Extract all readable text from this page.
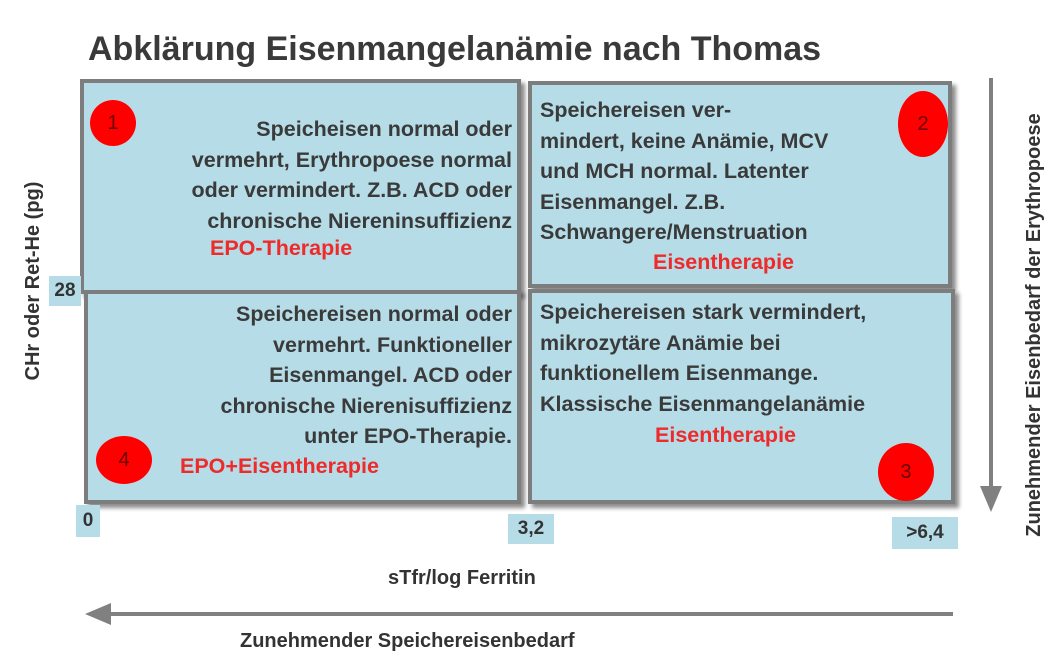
Abklärung Eisenmangelanämie nach Thomas
1	Speicheisen normal oder
vermehrt, Erythropoese normal
oder vermindert. Z.B. ACD oder
chronische Niereninsuffizienz
EPO-Therapie
2
Speichereisen ver-
mindert, keine Anämie, MCV
und MCH normal. Latenter
Eisenmangel. Z.B.
Schwangere/Menstruation
Eisentherapie
4
Speichereisen normal oder
vermehrt. Funktioneller
Eisenmangel. ACD oder
chronische Nierenisuffizienz
unter EPO-Therapie.
EPO+Eisentherapie	3
Speichereisen stark vermindert,
mikrozytäre Anämie bei
funktionellem Eisenmange.
Klassische Eisenmangelanämie
Eisentherapie
28
0	3,2	>6,4
CHr oder Ret-He (pg)
sTfr/log Ferritin
Zunehmender Speichereisenbedarf
Zunehmender Eisenbedarf der Erythropoese
